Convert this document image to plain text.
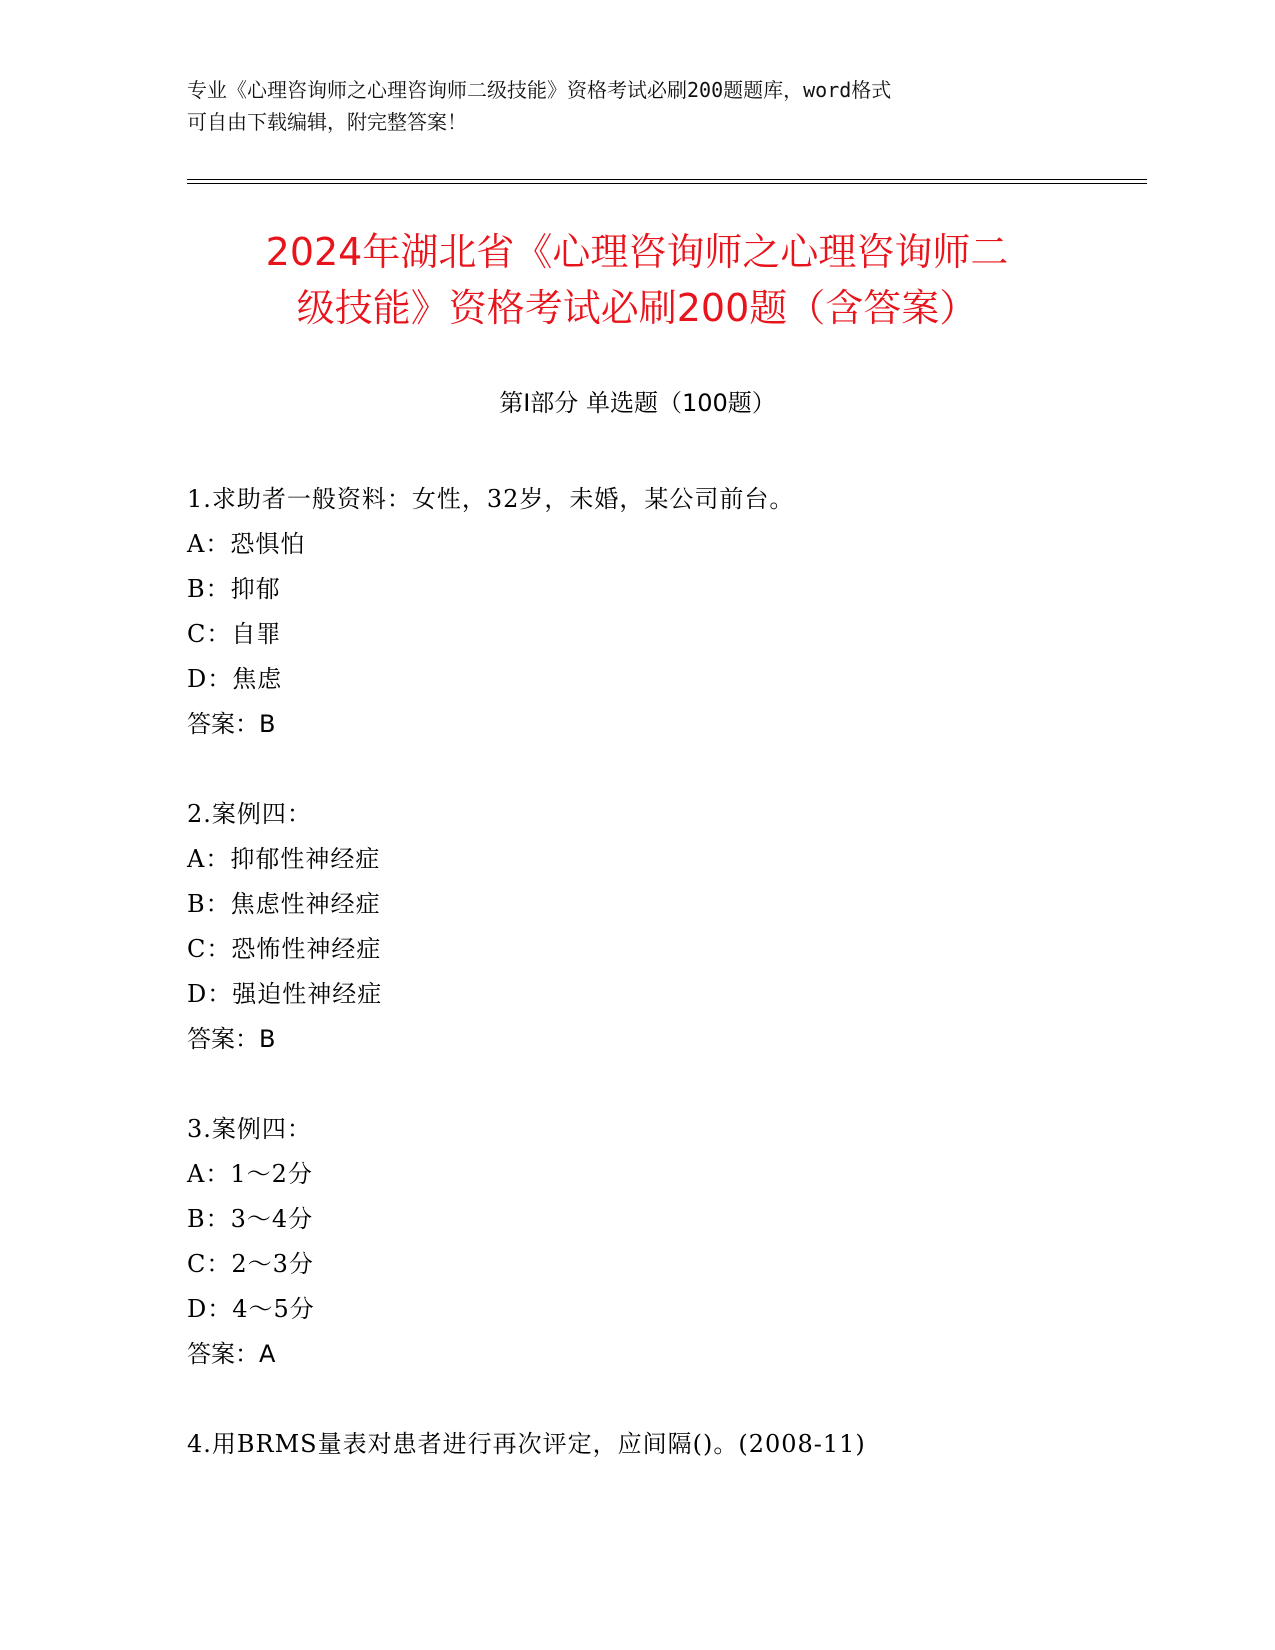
专业《心理咨询师之心理咨询师二级技能》资格考试必刷200题题库，word格式
可自由下载编辑，附完整答案！
2024年湖北省《心理咨询师之心理咨询师二
级技能》资格考试必刷200题（含答案）
第Ⅰ部分 单选题（100题）
1.求助者一般资料：女性，32岁，未婚，某公司前台。
A：恐惧怕
B：抑郁
C：自罪
D：焦虑
答案：B
2.案例四：
A：抑郁性神经症
B：焦虑性神经症
C：恐怖性神经症
D：强迫性神经症
答案：B
3.案例四：
A：1～2分
B：3～4分
C：2～3分
D：4～5分
答案：A
4.用BRMS量表对患者进行再次评定，应间隔()。(2008-11)
